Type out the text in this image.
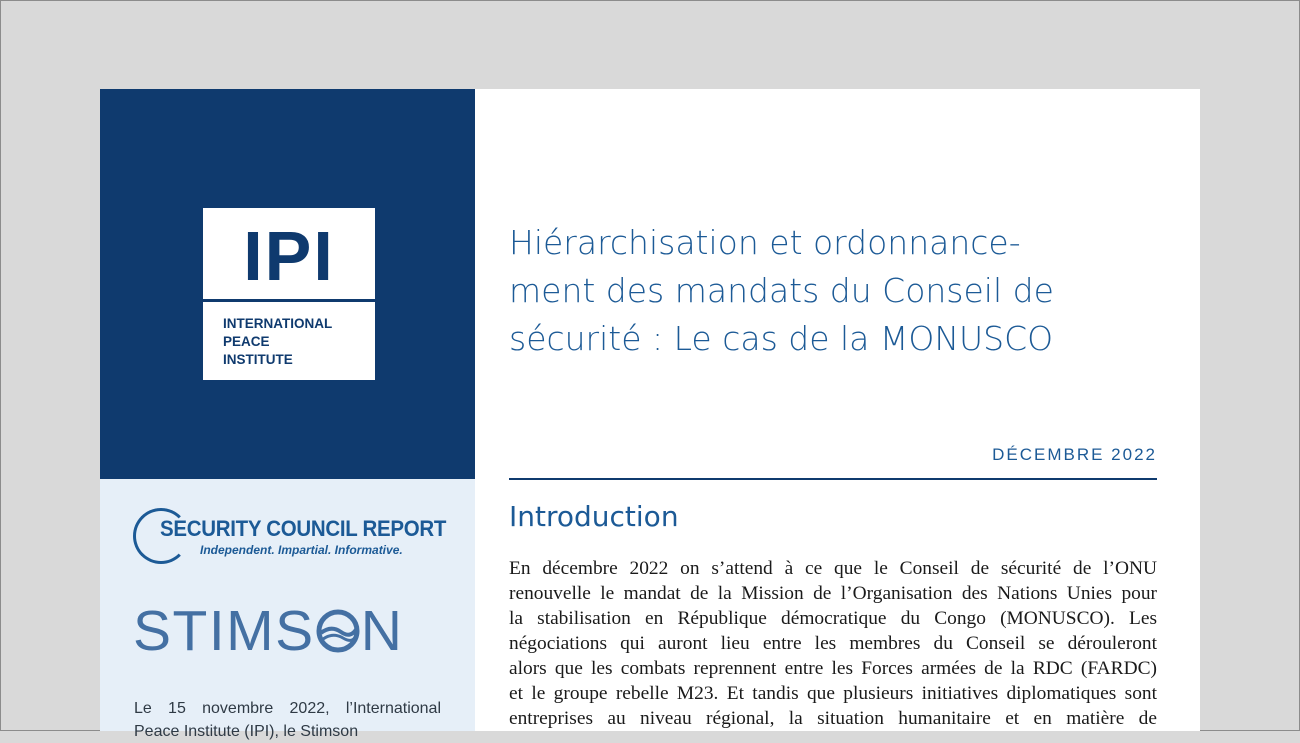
IPI
INTERNATIONAL
PEACE
INSTITUTE
SECURITY COUNCIL REPORT
Independent. Impartial. Informative.
STIMS N
Le 15 novembre 2022, l’International Peace Institute (IPI), le Stimson
Hiérarchisation et ordonnance-
ment des mandats du Conseil de
sécurité : Le cas de la MONUSCO
DÉCEMBRE 2022
Introduction
En décembre 2022 on s’attend à ce que le Conseil de sécurité de l’ONU
renouvelle le mandat de la Mission de l’Organisation des Nations Unies pour
la stabilisation en République démocratique du Congo (MONUSCO). Les
négociations qui auront lieu entre les membres du Conseil se dérouleront
alors que les combats reprennent entre les Forces armées de la RDC (FARDC)
et le groupe rebelle M23. Et tandis que plusieurs initiatives diplomatiques sont
entreprises au niveau régional, la situation humanitaire et en matière de
